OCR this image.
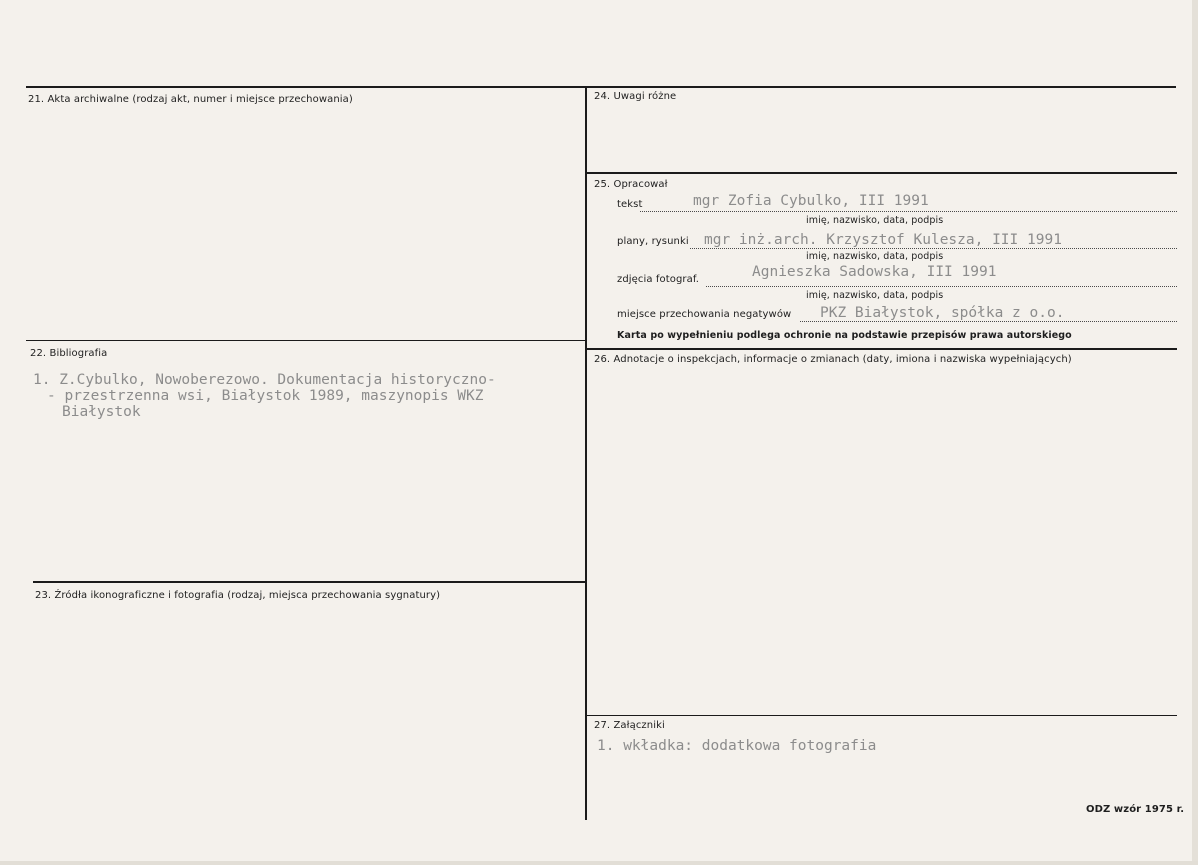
21. Akta archiwalne (rodzaj akt, numer i miejsce przechowania)
22. Bibliografia
1. Z.Cybulko, Nowoberezowo. Dokumentacja historyczno-
- przestrzenna wsi, Białystok 1989, maszynopis WKZ
Białystok
23. Źródła ikonograficzne i fotografia (rodzaj, miejsca przechowania sygnatury)
24. Uwagi różne
25. Opracował
tekst	mgr Zofia Cybulko, III 1991
imię, nazwisko, data, podpis
plany, rysunki mgr inż.arch. Krzysztof Kulesza, III 1991
imię, nazwisko, data, podpis
zdjęcia fotograf.	Agnieszka Sadowska, III 1991
imię, nazwisko, data, podpis
miejsce przechowania negatywów PKZ Białystok, spółka z o.o.
Karta po wypełnieniu podlega ochronie na podstawie przepisów prawa autorskiego
26. Adnotacje o inspekcjach, informacje o zmianach (daty, imiona i nazwiska wypełniających)
27. Załączniki
1. wkładka: dodatkowa fotografia
ODZ wzór 1975 r.
